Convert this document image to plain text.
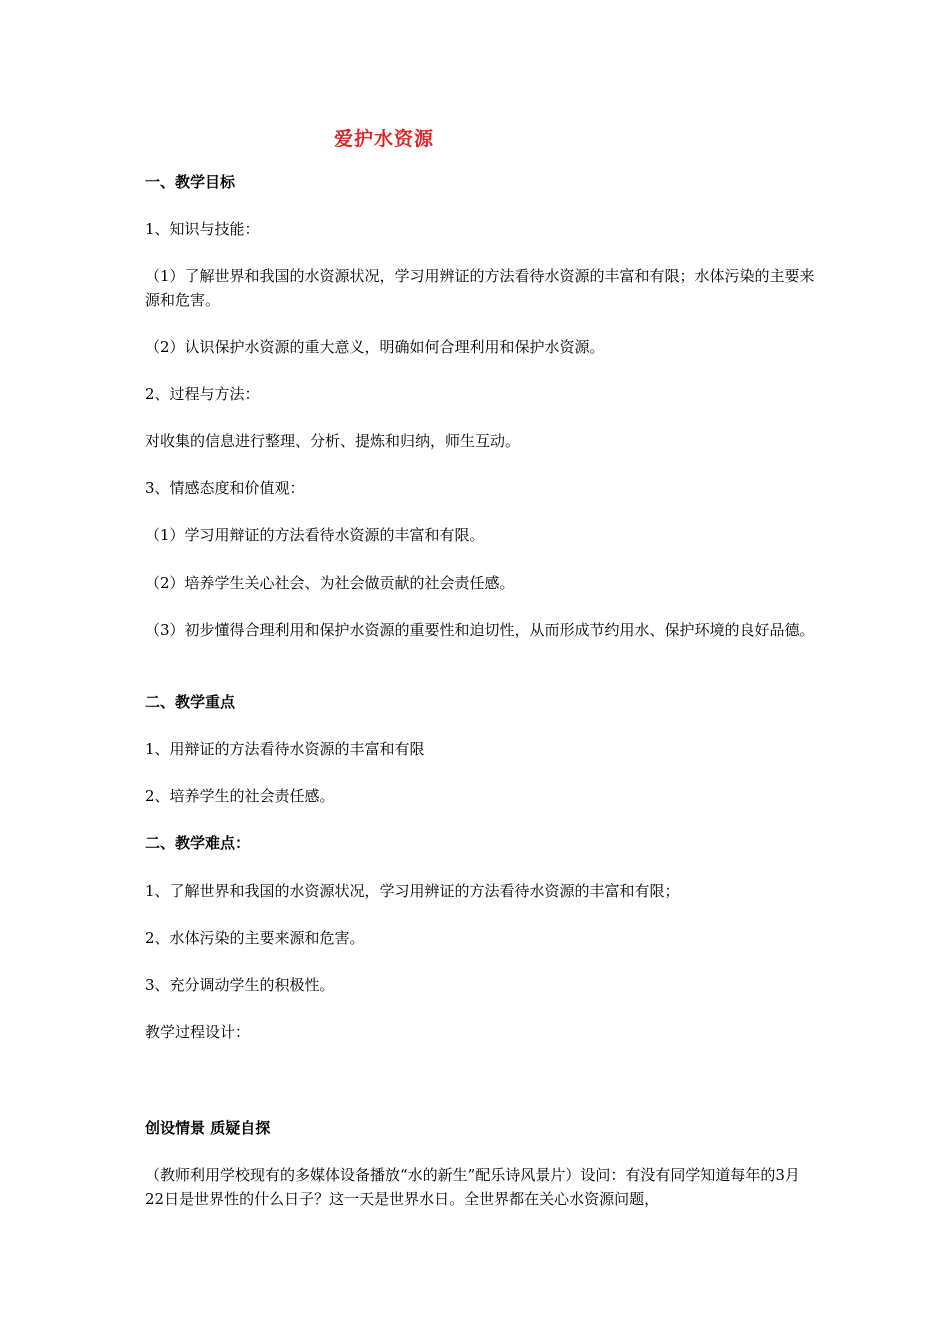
爱护水资源
一、教学目标
1、知识与技能：
（1）了解世界和我国的水资源状况，学习用辨证的方法看待水资源的丰富和有限；水体污染的主要来源和危害。
（2）认识保护水资源的重大意义，明确如何合理利用和保护水资源。
2、过程与方法：
对收集的信息进行整理、分析、提炼和归纳，师生互动。
3、情感态度和价值观：
（1）学习用辩证的方法看待水资源的丰富和有限。
（2）培养学生关心社会、为社会做贡献的社会责任感。
（3）初步懂得合理利用和保护水资源的重要性和迫切性，从而形成节约用水、保护环境的良好品德。
二、教学重点
1、用辩证的方法看待水资源的丰富和有限
2、培养学生的社会责任感。
二、教学难点：
1、了解世界和我国的水资源状况，学习用辨证的方法看待水资源的丰富和有限；
2、水体污染的主要来源和危害。
3、充分调动学生的积极性。
教学过程设计：
创设情景 质疑自探
（教师利用学校现有的多媒体设备播放“水的新生”配乐诗风景片）设问：有没有同学知道每年的3月22日是世界性的什么日子？这一天是世界水日。全世界都在关心水资源问题，
